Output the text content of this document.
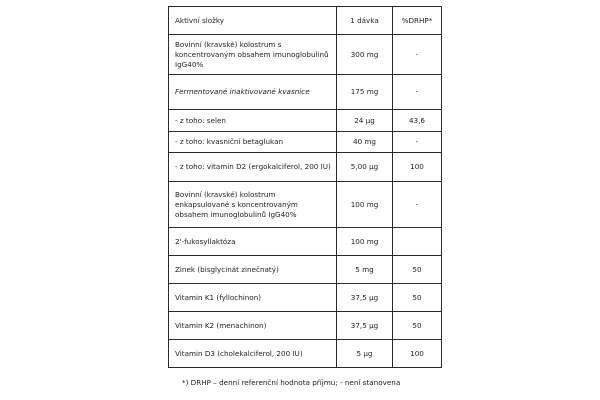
Aktivní složky	1 dávka	%DRHP*
Bovinní (kravské) kolostrum s koncentrovaným obsahem imunoglobulinů IgG40%	300 mg	-
Fermentované inaktivované kvasnice	175 mg	-
- z toho: selen	24 µg	43,6
- z toho: kvasniční betaglukan	40 mg	-
- z toho: vitamin D2 (ergokalciferol, 200 IU)	5,00 µg	100
Bovinní (kravské) kolostrum enkapsulované s koncentrovaným obsahem imunoglobulinů IgG40%	100 mg	-
2'-fukosyllaktóza	100 mg	
Zinek (bisglycinát zinečnatý)	5 mg	50
Vitamin K1 (fyllochinon)	37,5 µg	50
Vitamin K2 (menachinon)	37,5 µg	50
Vitamin D3 (cholekalciferol, 200 IU)	5 µg	100
*) DRHP – denní referenční hodnota příjmu; - není stanovena
